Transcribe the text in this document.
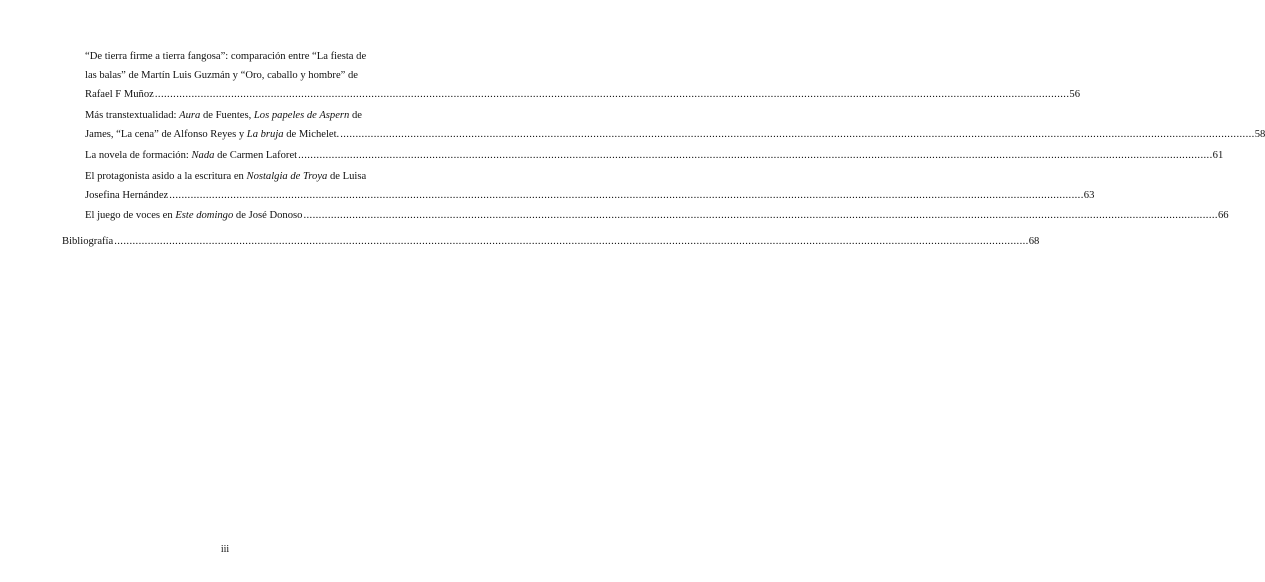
“De tierra firme a tierra fangosa”: comparación entre “La fiesta de
las balas” de Martín Luis Guzmán y “Oro, caballo y hombre” de
Rafael F Muñoz ............................................................................................................................................................................................................................................................................................................ 56
Más transtextualidad: Aura de Fuentes, Los papeles de Aspern de
James, “La cena” de Alfonso Reyes y La bruja de Michelet. ............................................................................................................................................................................................................................................................................................................ 58
La novela de formación: Nada de Carmen Laforet ............................................................................................................................................................................................................................................................................................................ 61
El protagonista asido a la escritura en Nostalgia de Troya de Luisa
Josefina Hernández ............................................................................................................................................................................................................................................................................................................ 63
El juego de voces en Este domingo de José Donoso ............................................................................................................................................................................................................................................................................................................ 66
Bibliografía ............................................................................................................................................................................................................................................................................................................ 68
iii
